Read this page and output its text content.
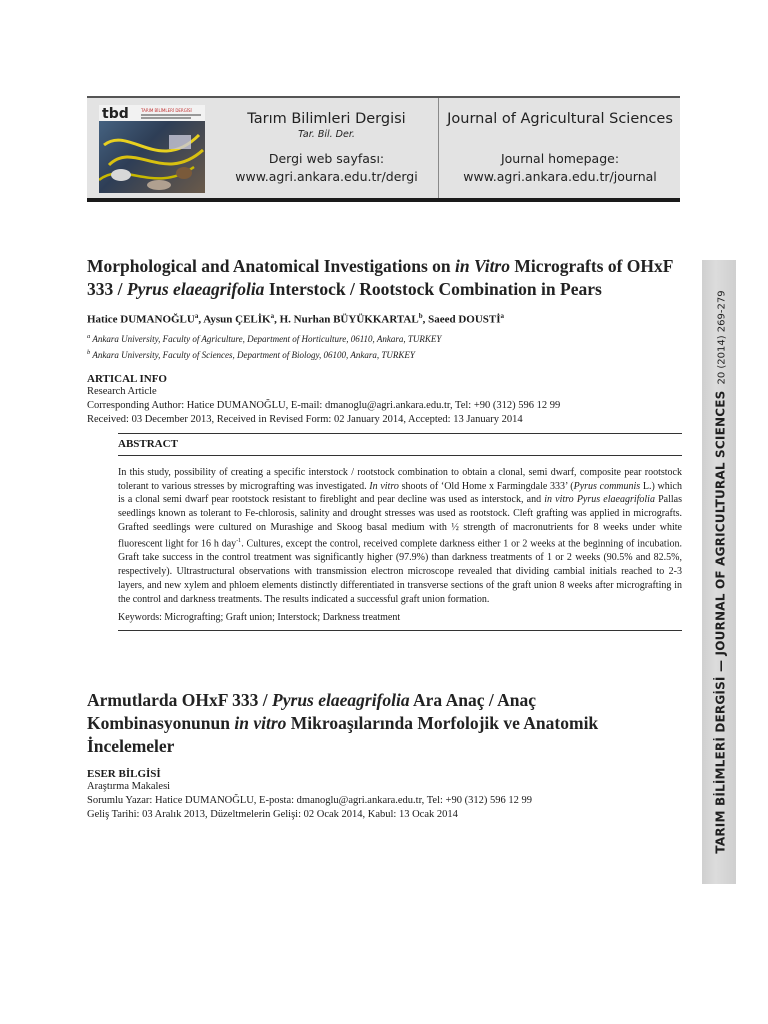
tbd	TARIM BİLİMLERİ DERGİSİ
Tarım Bilimleri Dergisi
Tar. Bil. Der.
Dergi web sayfası:
www.agri.ankara.edu.tr/dergi
Journal of Agricultural Sciences
Journal homepage:
www.agri.ankara.edu.tr/journal
TARIM BİLİMLERİ DERGİSİ — JOURNAL OF AGRICULTURAL SCIENCES20 (2014) 269-279
Morphological and Anatomical Investigations on in Vitro Micrografts of OHxF 333 / Pyrus elaeagrifolia Interstock / Rootstock Combination in Pears
Hatice DUMANOĞLU$^a$, Aysun ÇELİK$^a$, H. Nurhan BÜYÜKKARTAL$^b$, Saeed DOUSTİ$^a$
$^a$ Ankara University, Faculty of Agriculture, Department of Horticulture, 06110, Ankara, TURKEY
$^b$ Ankara University, Faculty of Sciences, Department of Biology, 06100, Ankara, TURKEY
ARTICAL INFO
Research Article
Corresponding Author: Hatice DUMANOĞLU, E-mail: dmanoglu@agri.ankara.edu.tr, Tel: +90 (312) 596 12 99
Received: 03 December 2013, Received in Revised Form: 02 January 2014, Accepted: 13 January 2014
ABSTRACT
In this study, possibility of creating a specific interstock / rootstock combination to obtain a clonal, semi dwarf, composite pear rootstock tolerant to various stresses by micrografting was investigated. In vitro shoots of ‘Old Home x Farmingdale 333’ (Pyrus communis L.) which is a clonal semi dwarf pear rootstock resistant to fireblight and pear decline was used as interstock, and in vitro Pyrus elaeagrifolia Pallas seedlings known as tolerant to Fe-chlorosis, salinity and drought stresses was used as rootstock. Cleft grafting was applied in micrografts. Grafted seedlings were cultured on Murashige and Skoog basal medium with ½ strength of macronutrients for 8 weeks under white fluorescent light for 16 h day$^{-1}$. Cultures, except the control, received complete darkness either 1 or 2 weeks at the beginning of incubation. Graft take success in the control treatment was significantly higher (97.9%) than darkness treatments of 1 or 2 weeks (90.5% and 82.5%, respectively). Ultrastructural observations with transmission electron microscope revealed that dividing cambial initials reached to 2-3 layers, and new xylem and phloem elements distinctly differentiated in transverse sections of the graft union 8 weeks after micrografting in the control and darkness treatments. The results indicated a successful graft union formation.
Keywords: Micrografting; Graft union; Interstock; Darkness treatment
Armutlarda OHxF 333 / Pyrus elaeagrifolia Ara Anaç / Anaç Kombinasyonunun in vitro Mikroaşılarında Morfolojik ve Anatomik İncelemeler
ESER BİLGİSİ
Araştırma Makalesi
Sorumlu Yazar: Hatice DUMANOĞLU, E-posta: dmanoglu@agri.ankara.edu.tr, Tel: +90 (312) 596 12 99
Geliş Tarihi: 03 Aralık 2013, Düzeltmelerin Gelişi: 02 Ocak 2014, Kabul: 13 Ocak 2014
